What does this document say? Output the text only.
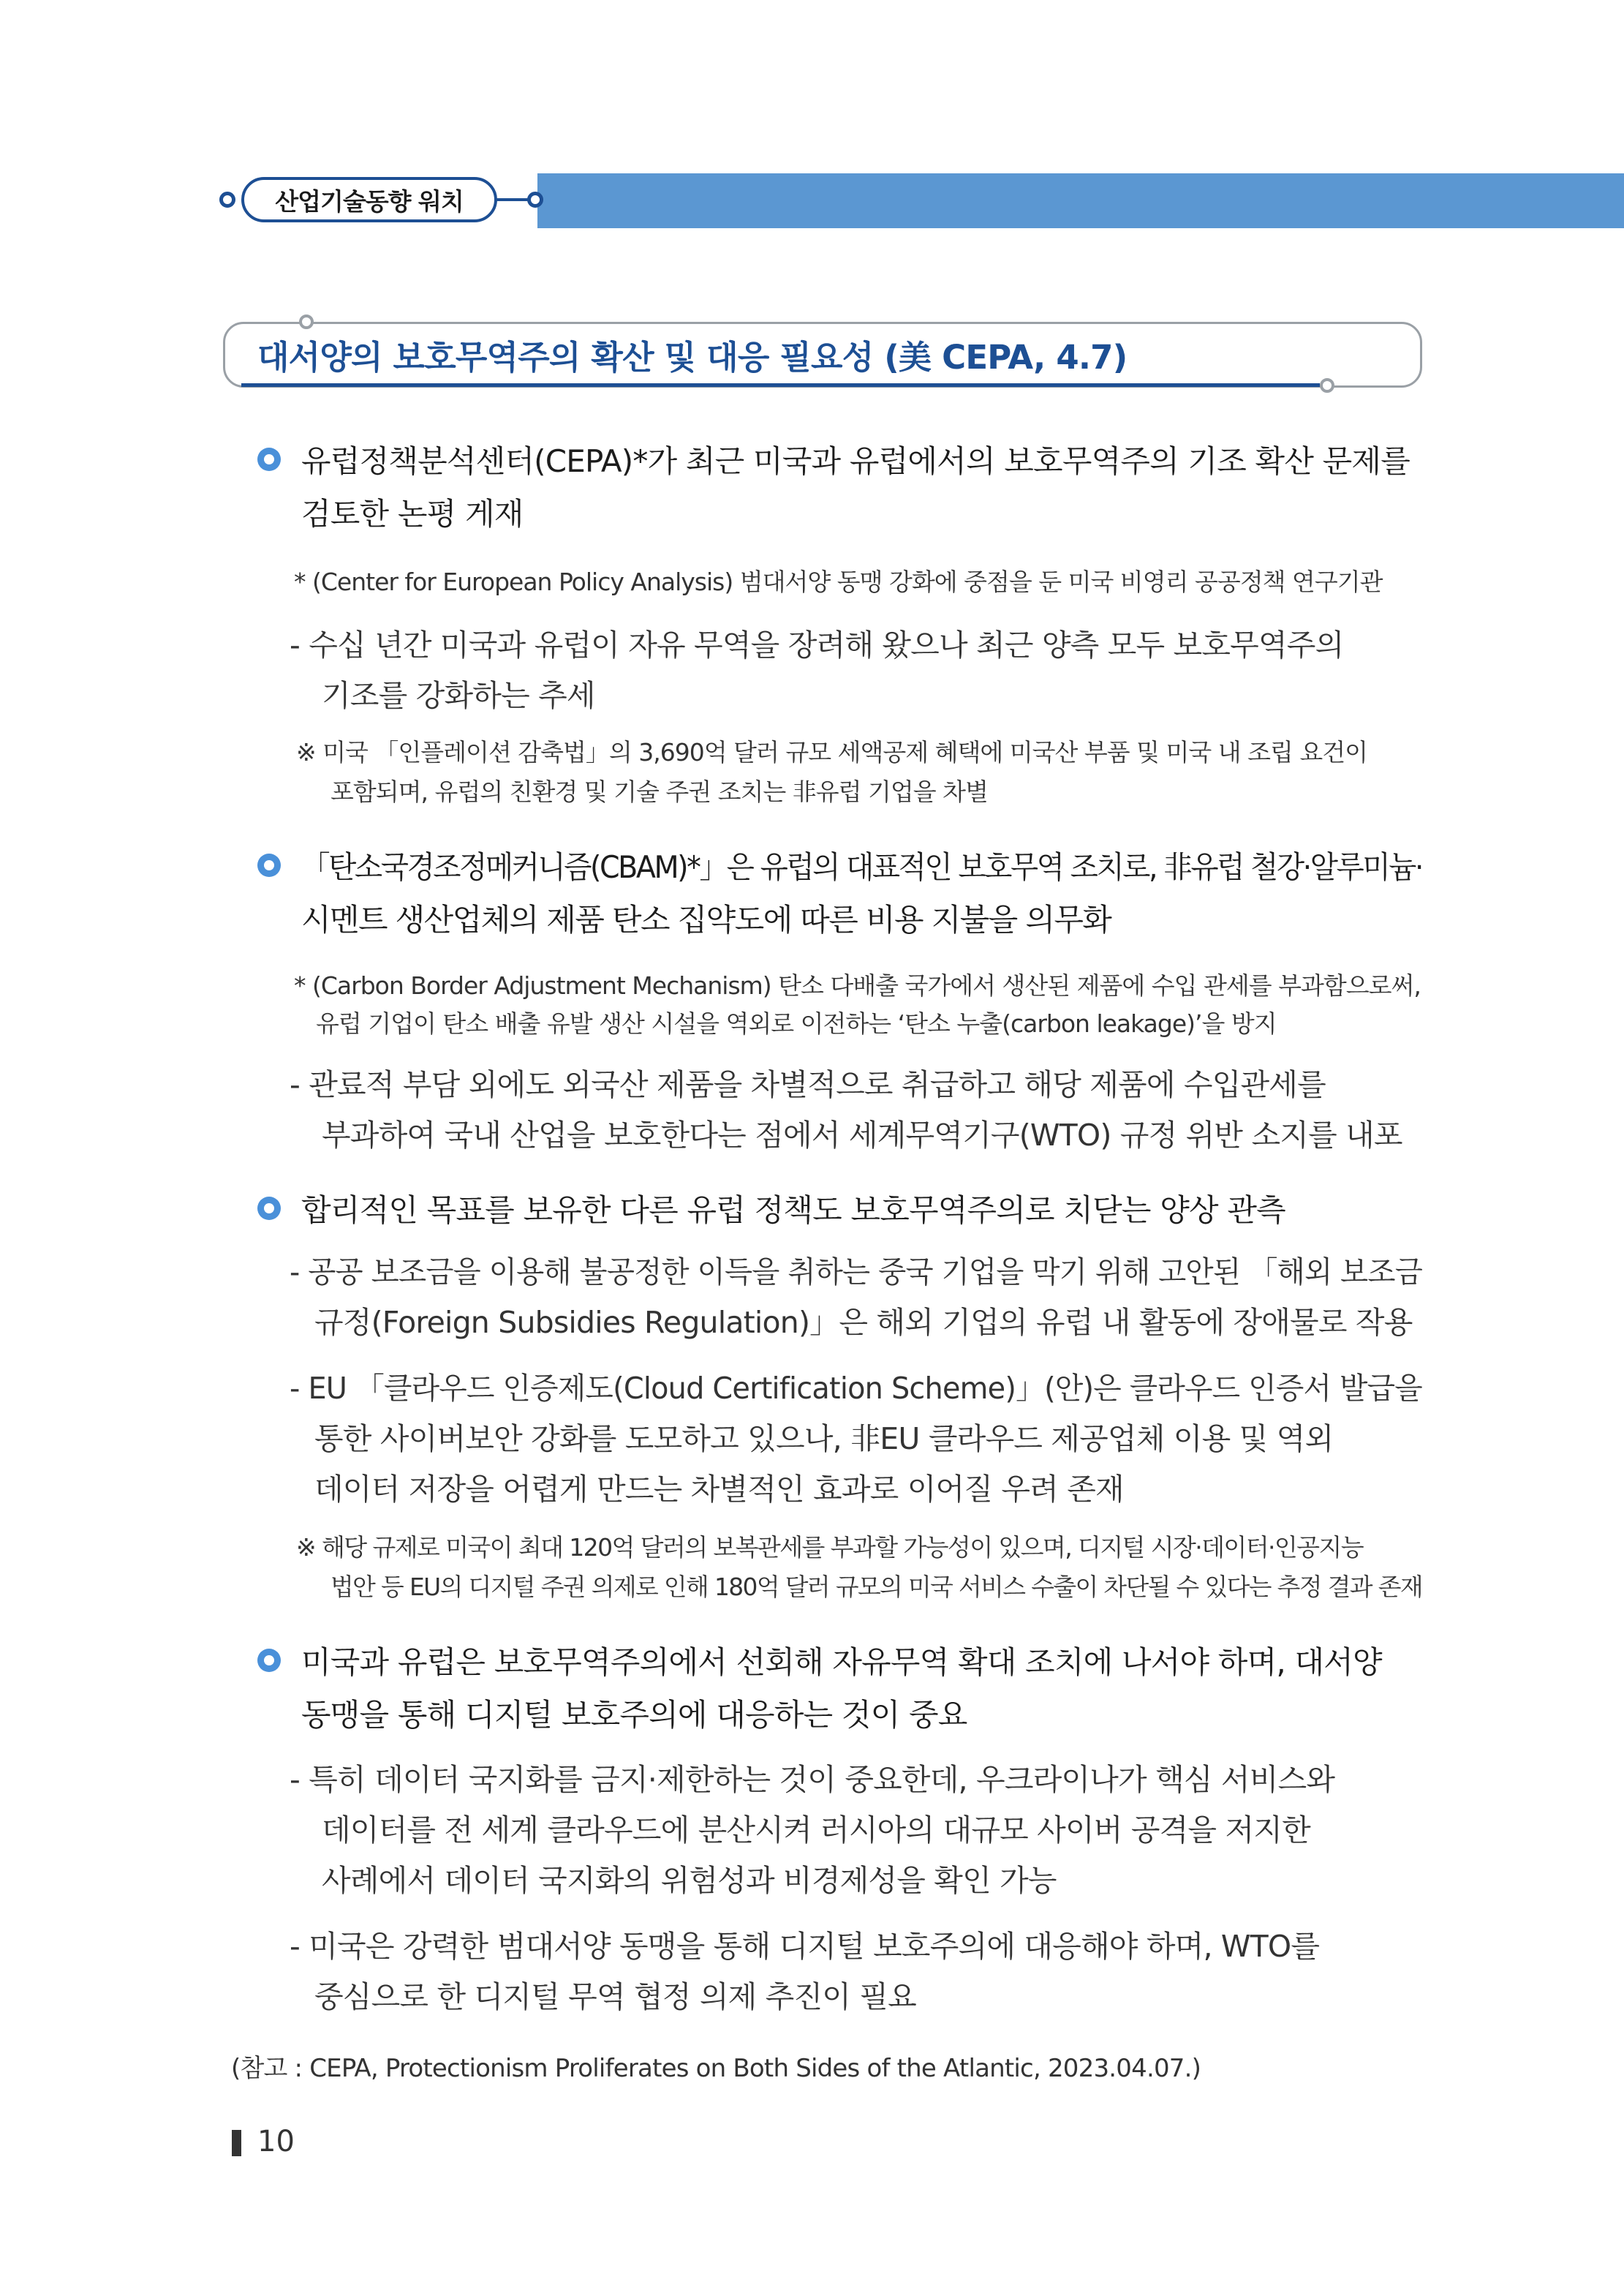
산업기술동향 워치
대서양의 보호무역주의 확산 및 대응 필요성 (美 CEPA, 4.7)
유럽정책분석센터(CEPA)*가 최근 미국과 유럽에서의 보호무역주의 기조 확산 문제를
검토한 논평 게재
* (Center for European Policy Analysis) 범대서양 동맹 강화에 중점을 둔 미국 비영리 공공정책 연구기관
- 수십 년간 미국과 유럽이 자유 무역을 장려해 왔으나 최근 양측 모두 보호무역주의
기조를 강화하는 추세
※ 미국 「인플레이션 감축법」의 3,690억 달러 규모 세액공제 혜택에 미국산 부품 및 미국 내 조립 요건이
포함되며, 유럽의 친환경 및 기술 주권 조치는 非유럽 기업을 차별
「탄소국경조정메커니즘(CBAM)*」은 유럽의 대표적인 보호무역 조치로, 非유럽 철강·알루미늄·
시멘트 생산업체의 제품 탄소 집약도에 따른 비용 지불을 의무화
* (Carbon Border Adjustment Mechanism) 탄소 다배출 국가에서 생산된 제품에 수입 관세를 부과함으로써,
유럽 기업이 탄소 배출 유발 생산 시설을 역외로 이전하는 ‘탄소 누출(carbon leakage)’을 방지
- 관료적 부담 외에도 외국산 제품을 차별적으로 취급하고 해당 제품에 수입관세를
부과하여 국내 산업을 보호한다는 점에서 세계무역기구(WTO) 규정 위반 소지를 내포
합리적인 목표를 보유한 다른 유럽 정책도 보호무역주의로 치닫는 양상 관측
- 공공 보조금을 이용해 불공정한 이득을 취하는 중국 기업을 막기 위해 고안된 「해외 보조금
규정(Foreign Subsidies Regulation)」은 해외 기업의 유럽 내 활동에 장애물로 작용
- EU 「클라우드 인증제도(Cloud Certification Scheme)」(안)은 클라우드 인증서 발급을
통한 사이버보안 강화를 도모하고 있으나, 非EU 클라우드 제공업체 이용 및 역외
데이터 저장을 어렵게 만드는 차별적인 효과로 이어질 우려 존재
※ 해당 규제로 미국이 최대 120억 달러의 보복관세를 부과할 가능성이 있으며, 디지털 시장·데이터·인공지능
법안 등 EU의 디지털 주권 의제로 인해 180억 달러 규모의 미국 서비스 수출이 차단될 수 있다는 추정 결과 존재
미국과 유럽은 보호무역주의에서 선회해 자유무역 확대 조치에 나서야 하며, 대서양
동맹을 통해 디지털 보호주의에 대응하는 것이 중요
- 특히 데이터 국지화를 금지·제한하는 것이 중요한데, 우크라이나가 핵심 서비스와
데이터를 전 세계 클라우드에 분산시켜 러시아의 대규모 사이버 공격을 저지한
사례에서 데이터 국지화의 위험성과 비경제성을 확인 가능
- 미국은 강력한 범대서양 동맹을 통해 디지털 보호주의에 대응해야 하며, WTO를
중심으로 한 디지털 무역 협정 의제 추진이 필요
(참고 : CEPA, Protectionism Proliferates on Both Sides of the Atlantic, 2023.04.07.)
10
